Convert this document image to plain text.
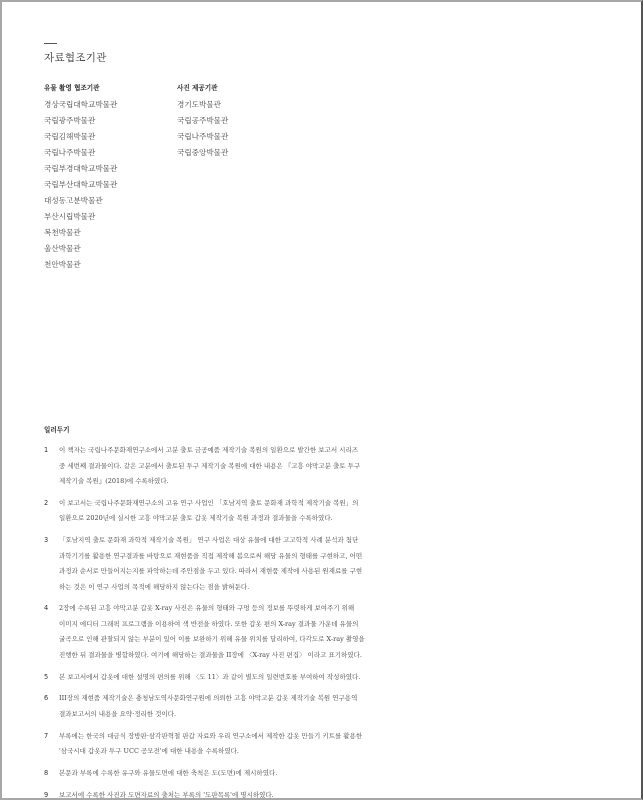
자료협조기관
유물 촬영 협조기관
경상국립대학교박물관
국립광주박물관
국립김해박물관
국립나주박물관
국립부경대학교박물관
국립부산대학교박물관
대성동고분박물관
부산시립박물관
복천박물관
울산박물관
천안박물관
사진 제공기관
경기도박물관
국립공주박물관
국립나주박물관
국립중앙박물관
일러두기
1	이 책자는 국립나주문화재연구소에서 고분 출토 금공예품 제작기술 복원의 일환으로 발간한 보고서 시리즈
중 세번째 결과물이다. 같은 고분에서 출토된 투구 제작기술 복원에 대한 내용은 『고흥 야막고분 출토 투구
제작기술 복원』(2018)에 수록하였다.
2	이 보고서는 국립나주문화재연구소의 고유 연구 사업인 「호남지역 출토 문화재 과학적 제작기술 복원」의
일환으로 2020년에 실시한 고흥 야막고분 출토 갑옷 제작기술 복원 과정과 결과물을 수록하였다.
3	「호남지역 출토 문화재 과학적 제작기술 복원」 연구 사업은 대상 유물에 대한 고고학적 사례 분석과 첨단
과학기기를 활용한 연구결과를 바탕으로 재현품을 직접 제작해 봄으로써 해당 유물의 형태를 구현하고, 어떤
과정과 순서로 만들어지는지를 파악하는데 주안점을 두고 있다. 따라서 재현품 제작에 사용된 원재료를 구현
하는 것은 이 연구 사업의 목적에 해당하지 않는다는 점을 밝혀둔다.
4	2장에 수록된 고흥 야막고분 갑옷 X-ray 사진은 유물의 형태와 구멍 등의 정보를 뚜렷하게 보여주기 위해
이미지 에디터 그래픽 프로그램을 이용하여 색 반전을 하였다. 또한 갑옷 편의 X-ray 결과물 가운데 유물의
굴곡으로 인해 관찰되지 않는 부분이 있어 이를 보완하기 위해 유물 위치를 달리하여, 다각도로 X-ray 촬영을
진행한 뒤 결과물을 병합하였다. 여기에 해당하는 결과물을 II장에 〈X-ray 사진 편집〉 이라고 표기하였다.
5	본 보고서에서 갑옷에 대한 설명의 편의를 위해 〈도 11〉과 같이 별도의 일련번호를 부여하여 작성하였다.
6	III장의 재현품 제작기술은 충청남도역사문화연구원에 의뢰한 고흥 야막고분 갑옷 제작기술 복원 연구용역
결과보고서의 내용을 요약·정리한 것이다.
7	부록에는 한국의 대금식 장방판·삼각판혁철 판갑 자료와 우리 연구소에서 제작한 갑옷 만들기 키트를 활용한
'삼국시대 갑옷과 투구 UCC 공모전'에 대한 내용을 수록하였다.
8	본문과 부록에 수록한 유구와 유물도면에 대한 축척은 도(도면)에 제시하였다.
9	보고서에 수록한 사진과 도면자료의 출처는 부록의 '도판목록'에 명시하였다.
